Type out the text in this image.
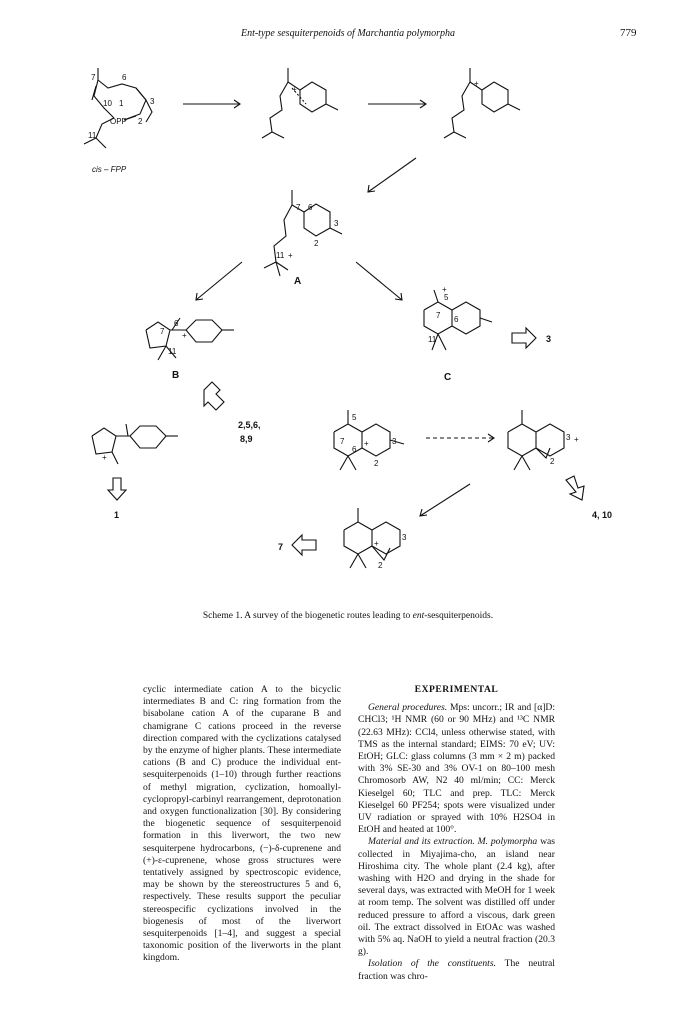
Ent-type sesquiterpenoids of Marchantia polymorpha	779
7	6
10 1	3
OPP 2
11
cis – FPP
+
+
7 6
3
2
11 +
A
7
6
11
+
B
5
7 6
11
+
C
3
2,5,6,
8,9
1
+
5
7
6
3
2
+
3
2
+
4, 10
7
3
2
+
Scheme 1. A survey of the biogenetic routes leading to ent-sesquiterpenoids.

cyclic intermediate cation A to the bicyclic intermediates B and C: ring formation from the bisabolane cation A of the cuparane B and chamigrane C cations proceed in the reverse direction compared with the cyclizations catalysed by the enzyme of higher plants. These intermediate cations (B and C) produce the individual ent-sesquiterpenoids (1–10) through further reactions of methyl migration, cyclization, homoallyl-cyclopropyl-carbinyl rearrangement, deprotonation and oxygen functionalization [30]. By considering the biogenetic sequence of sesquiterpenoid formation in this liverwort, the two new sesquiterpene hydrocarbons, (−)-δ-cuprenene and (+)-ε-cuprenene, whose gross structures were tentatively assigned by spectroscopic evidence, may be shown by the stereostructures 5 and 6, respectively. These results support the peculiar stereospecific cyclizations involved in the biogenesis of most of the liverwort sesquiterpenoids [1–4], and suggest a special taxonomic position of the liverworts in the plant kingdom.

EXPERIMENTAL

General procedures. Mps: uncorr.; IR and [α]D: CHCl3; ¹H NMR (60 or 90 MHz) and ¹³C NMR (22.63 MHz): CCl4, unless otherwise stated, with TMS as the internal standard; EIMS: 70 eV; UV: EtOH; GLC: glass columns (3 mm × 2 m) packed with 3% SE-30 and 3% OV-1 on 80–100 mesh Chromosorb AW, N2 40 ml/min; CC: Merck Kieselgel 60; TLC and prep. TLC: Merck Kieselgel 60 PF254; spots were visualized under UV radiation or sprayed with 10% H2SO4 in EtOH and heated at 100°.

Material and its extraction. M. polymorpha was collected in Miyajima-cho, an island near Hiroshima city. The whole plant (2.4 kg), after washing with H2O and drying in the shade for several days, was extracted with MeOH for 1 week at room temp. The solvent was distilled off under reduced pressure to afford a viscous, dark green oil. The extract dissolved in EtOAc was washed with 5% aq. NaOH to yield a neutral fraction (20.3 g).

Isolation of the constituents. The neutral fraction was chro-
